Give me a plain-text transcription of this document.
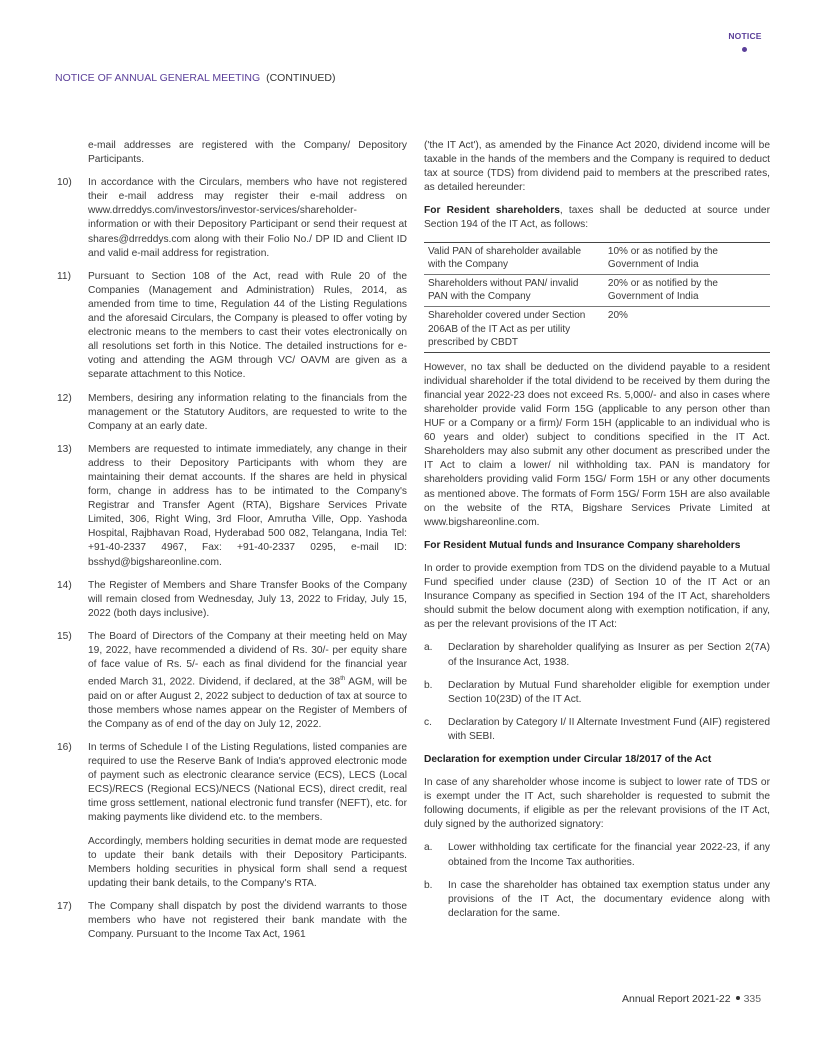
NOTICE
NOTICE OF ANNUAL GENERAL MEETING (CONTINUED)

e-mail addresses are registered with the Company/ Depository Participants.

10)	In accordance with the Circulars, members who have not registered their e-mail address may register their e-mail address on www.drreddys.com/investors/investor-services/shareholder-information or with their Depository Participant or send their request at shares@drreddys.com along with their Folio No./ DP ID and Client ID and valid e-mail address for registration.
11)	Pursuant to Section 108 of the Act, read with Rule 20 of the Companies (Management and Administration) Rules, 2014, as amended from time to time, Regulation 44 of the Listing Regulations and the aforesaid Circulars, the Company is pleased to offer voting by electronic means to the members to cast their votes electronically on all resolutions set forth in this Notice. The detailed instructions for e-voting and attending the AGM through VC/ OAVM are given as a separate attachment to this Notice.
12)	Members, desiring any information relating to the financials from the management or the Statutory Auditors, are requested to write to the Company at an early date.
13)	Members are requested to intimate immediately, any change in their address to their Depository Participants with whom they are maintaining their demat accounts. If the shares are held in physical form, change in address has to be intimated to the Company's Registrar and Transfer Agent (RTA), Bigshare Services Private Limited, 306, Right Wing, 3rd Floor, Amrutha Ville, Opp. Yashoda Hospital, Rajbhavan Road, Hyderabad 500 082, Telangana, India Tel: +91-40-2337 4967, Fax: +91-40-2337 0295, e-mail ID: bsshyd@bigshareonline.com.
14)	The Register of Members and Share Transfer Books of the Company will remain closed from Wednesday, July 13, 2022 to Friday, July 15, 2022 (both days inclusive).
15)	The Board of Directors of the Company at their meeting held on May 19, 2022, have recommended a dividend of Rs. 30/- per equity share of face value of Rs. 5/- each as final dividend for the financial year ended March 31, 2022. Dividend, if declared, at the 38th AGM, will be paid on or after August 2, 2022 subject to deduction of tax at source to those members whose names appear on the Register of Members of the Company as of end of the day on July 12, 2022.
16)	In terms of Schedule I of the Listing Regulations, listed companies are required to use the Reserve Bank of India's approved electronic mode of payment such as electronic clearance service (ECS), LECS (Local ECS)/RECS (Regional ECS)/NECS (National ECS), direct credit, real time gross settlement, national electronic fund transfer (NEFT), etc. for making payments like dividend etc. to the members.

Accordingly, members holding securities in demat mode are requested to update their bank details with their Depository Participants. Members holding securities in physical form shall send a request updating their bank details, to the Company's RTA.

17)	The Company shall dispatch by post the dividend warrants to those members who have not registered their bank mandate with the Company. Pursuant to the Income Tax Act, 1961

('the IT Act'), as amended by the Finance Act 2020, dividend income will be taxable in the hands of the members and the Company is required to deduct tax at source (TDS) from dividend paid to members at the prescribed rates, as detailed hereunder:

For Resident shareholders, taxes shall be deducted at source under Section 194 of the IT Act, as follows:

Valid PAN of shareholder available with the Company	10% or as notified by the Government of India
Shareholders without PAN/ invalid PAN with the Company	20% or as notified by the Government of India
Shareholder covered under Section 206AB of the IT Act as per utility prescribed by CBDT	20%

However, no tax shall be deducted on the dividend payable to a resident individual shareholder if the total dividend to be received by them during the financial year 2022-23 does not exceed Rs. 5,000/- and also in cases where shareholder provide valid Form 15G (applicable to any person other than HUF or a Company or a firm)/ Form 15H (applicable to an individual who is 60 years and older) subject to conditions specified in the IT Act. Shareholders may also submit any other document as prescribed under the IT Act to claim a lower/ nil withholding tax. PAN is mandatory for shareholders providing valid Form 15G/ Form 15H or any other documents as mentioned above. The formats of Form 15G/ Form 15H are also available on the website of the RTA, Bigshare Services Private Limited at www.bigshareonline.com.

For Resident Mutual funds and Insurance Company shareholders

In order to provide exemption from TDS on the dividend payable to a Mutual Fund specified under clause (23D) of Section 10 of the IT Act or an Insurance Company as specified in Section 194 of the IT Act, shareholders should submit the below document along with exemption notification, if any, as per the relevant provisions of the IT Act:

a.	Declaration by shareholder qualifying as Insurer as per Section 2(7A) of the Insurance Act, 1938.
b.	Declaration by Mutual Fund shareholder eligible for exemption under Section 10(23D) of the IT Act.
c.	Declaration by Category I/ II Alternate Investment Fund (AIF) registered with SEBI.
Declaration for exemption under Circular 18/2017 of the Act

In case of any shareholder whose income is subject to lower rate of TDS or is exempt under the IT Act, such shareholder is requested to submit the following documents, if eligible as per the relevant provisions of the IT Act, duly signed by the authorized signatory:

a.	Lower withholding tax certificate for the financial year 2022-23, if any obtained from the Income Tax authorities.
b.	In case the shareholder has obtained tax exemption status under any provisions of the IT Act, the documentary evidence along with declaration for the same.
Annual Report 2021-22 335
